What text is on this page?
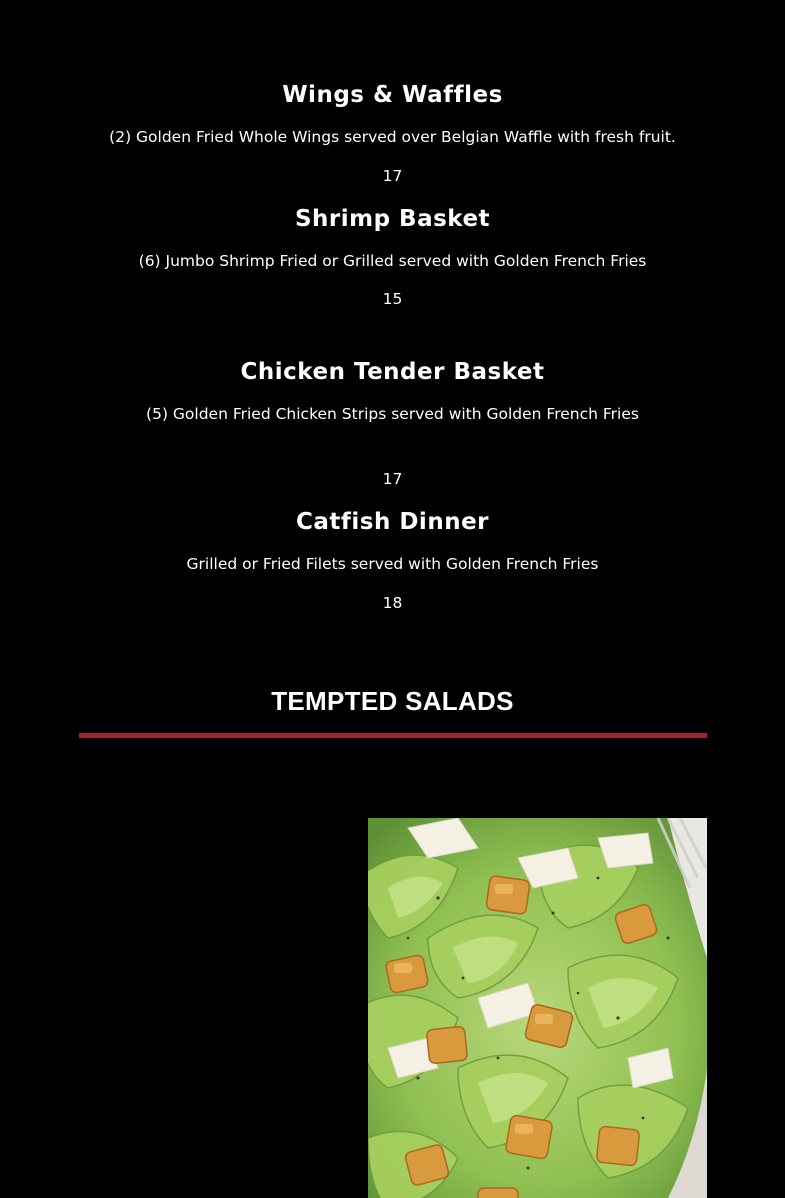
Wings & Waffles

(2) Golden Fried Whole Wings served over Belgian Waffle with fresh fruit.

17

Shrimp Basket

(6) Jumbo Shrimp Fried or Grilled served with Golden French Fries

15

Chicken Tender Basket

(5) Golden Fried Chicken Strips served with Golden French Fries

17

Catfish Dinner

Grilled or Fried Filets served with Golden French Fries

18

TEMPTED SALADS
